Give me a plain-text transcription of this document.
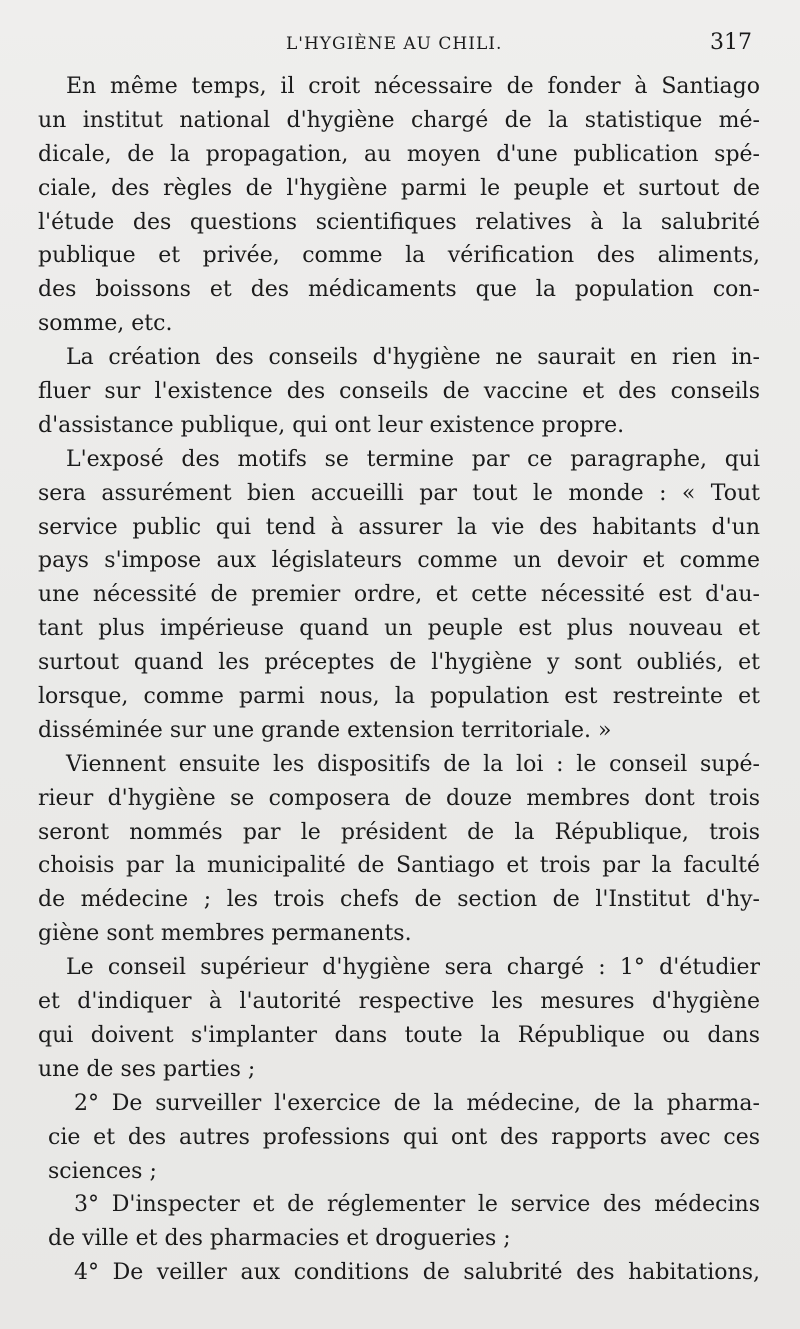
L'HYGIÈNE AU CHILI.	317
En même temps, il croit nécessaire de fonder à Santiago
un institut national d'hygiène chargé de la statistique mé-
dicale, de la propagation, au moyen d'une publication spé-
ciale, des règles de l'hygiène parmi le peuple et surtout de
l'étude des questions scientifiques relatives à la salubrité
publique et privée, comme la vérification des aliments,
des boissons et des médicaments que la population con-
somme, etc.
La création des conseils d'hygiène ne saurait en rien in-
fluer sur l'existence des conseils de vaccine et des conseils
d'assistance publique, qui ont leur existence propre.
L'exposé des motifs se termine par ce paragraphe, qui
sera assurément bien accueilli par tout le monde : « Tout
service public qui tend à assurer la vie des habitants d'un
pays s'impose aux législateurs comme un devoir et comme
une nécessité de premier ordre, et cette nécessité est d'au-
tant plus impérieuse quand un peuple est plus nouveau et
surtout quand les préceptes de l'hygiène y sont oubliés, et
lorsque, comme parmi nous, la population est restreinte et
disséminée sur une grande extension territoriale. »
Viennent ensuite les dispositifs de la loi : le conseil supé-
rieur d'hygiène se composera de douze membres dont trois
seront nommés par le président de la République, trois
choisis par la municipalité de Santiago et trois par la faculté
de médecine ; les trois chefs de section de l'Institut d'hy-
giène sont membres permanents.
Le conseil supérieur d'hygiène sera chargé : 1° d'étudier
et d'indiquer à l'autorité respective les mesures d'hygiène
qui doivent s'implanter dans toute la République ou dans
une de ses parties ;
2° De surveiller l'exercice de la médecine, de la pharma-
cie et des autres professions qui ont des rapports avec ces
sciences ;
3° D'inspecter et de réglementer le service des médecins
de ville et des pharmacies et drogueries ;
4° De veiller aux conditions de salubrité des habitations,
